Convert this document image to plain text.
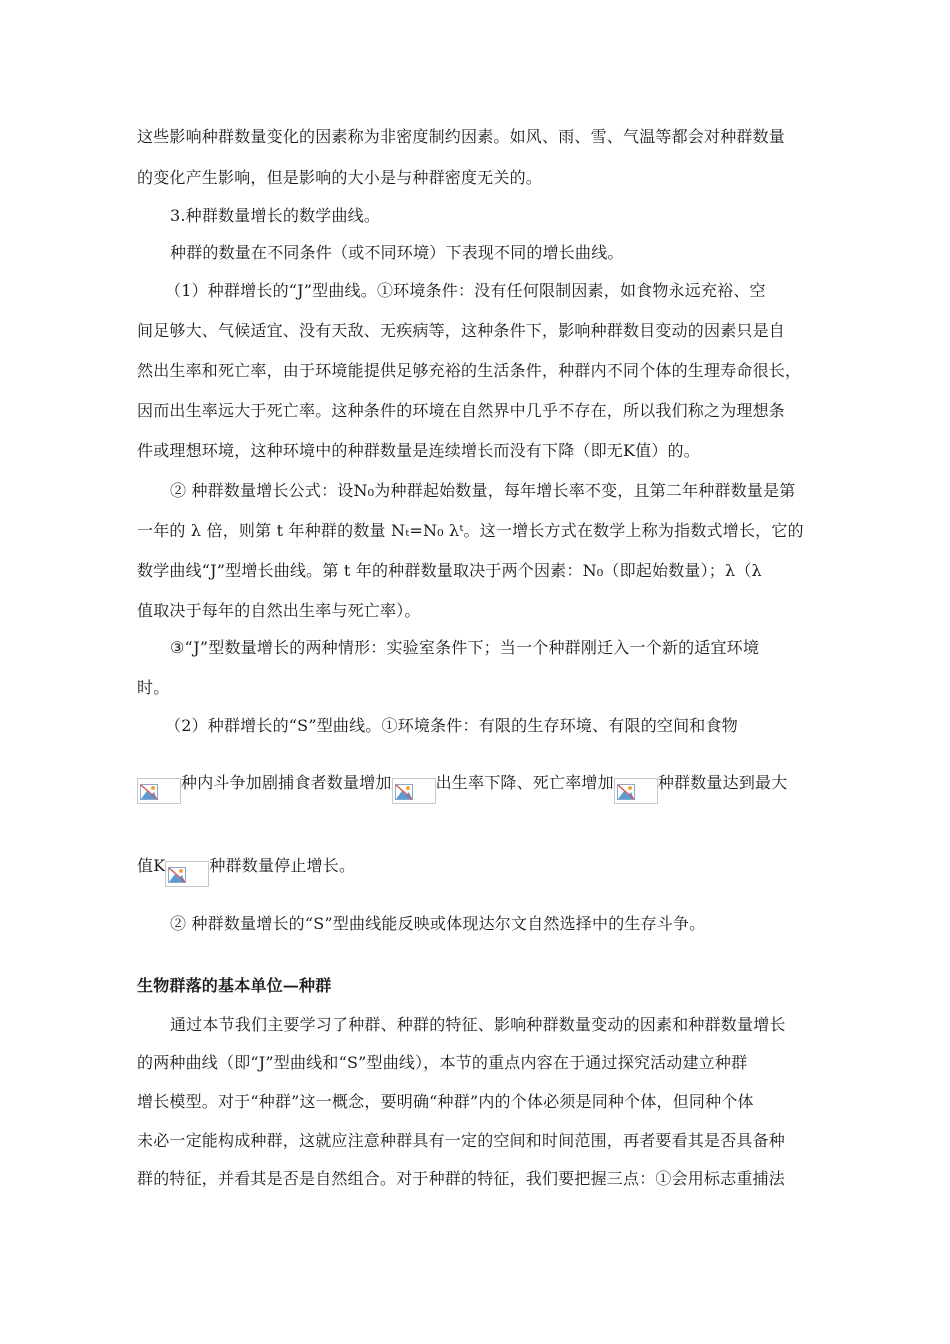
这些影响种群数量变化的因素称为非密度制约因素。如风、雨、雪、气温等都会对种群数量
的变化产生影响，但是影响的大小是与种群密度无关的。
3.种群数量增长的数学曲线。
种群的数量在不同条件（或不同环境）下表现不同的增长曲线。
（1）种群增长的“J”型曲线。①环境条件：没有任何限制因素，如食物永远充裕、空
间足够大、气候适宜、没有天敌、无疾病等，这种条件下，影响种群数目变动的因素只是自
然出生率和死亡率，由于环境能提供足够充裕的生活条件，种群内不同个体的生理寿命很长，
因而出生率远大于死亡率。这种条件的环境在自然界中几乎不存在，所以我们称之为理想条
件或理想环境，这种环境中的种群数量是连续增长而没有下降（即无K值）的。
② 种群数量增长公式：设N₀为种群起始数量，每年增长率不变，且第二年种群数量是第
一年的 λ 倍，则第 t 年种群的数量 Nₜ=N₀ λᵗ。这一增长方式在数学上称为指数式增长，它的
数学曲线“J”型增长曲线。第 t 年的种群数量取决于两个因素：N₀（即起始数量）；λ（λ
值取决于每年的自然出生率与死亡率）。
③“J”型数量增长的两种情形：实验室条件下；当一个种群刚迁入一个新的适宜环境
时。
（2）种群增长的“S”型曲线。①环境条件：有限的生存环境、有限的空间和食物
种内斗争加剧捕食者数量增加	出生率下降、死亡率增加	种群数量达到最大
值K	种群数量停止增长。
② 种群数量增长的“S”型曲线能反映或体现达尔文自然选择中的生存斗争。
生物群落的基本单位—种群
通过本节我们主要学习了种群、种群的特征、影响种群数量变动的因素和种群数量增长
的两种曲线（即“J”型曲线和“S”型曲线），本节的重点内容在于通过探究活动建立种群
增长模型。对于“种群”这一概念，要明确“种群”内的个体必须是同种个体，但同种个体
未必一定能构成种群，这就应注意种群具有一定的空间和时间范围，再者要看其是否具备种
群的特征，并看其是否是自然组合。对于种群的特征，我们要把握三点：①会用标志重捕法
